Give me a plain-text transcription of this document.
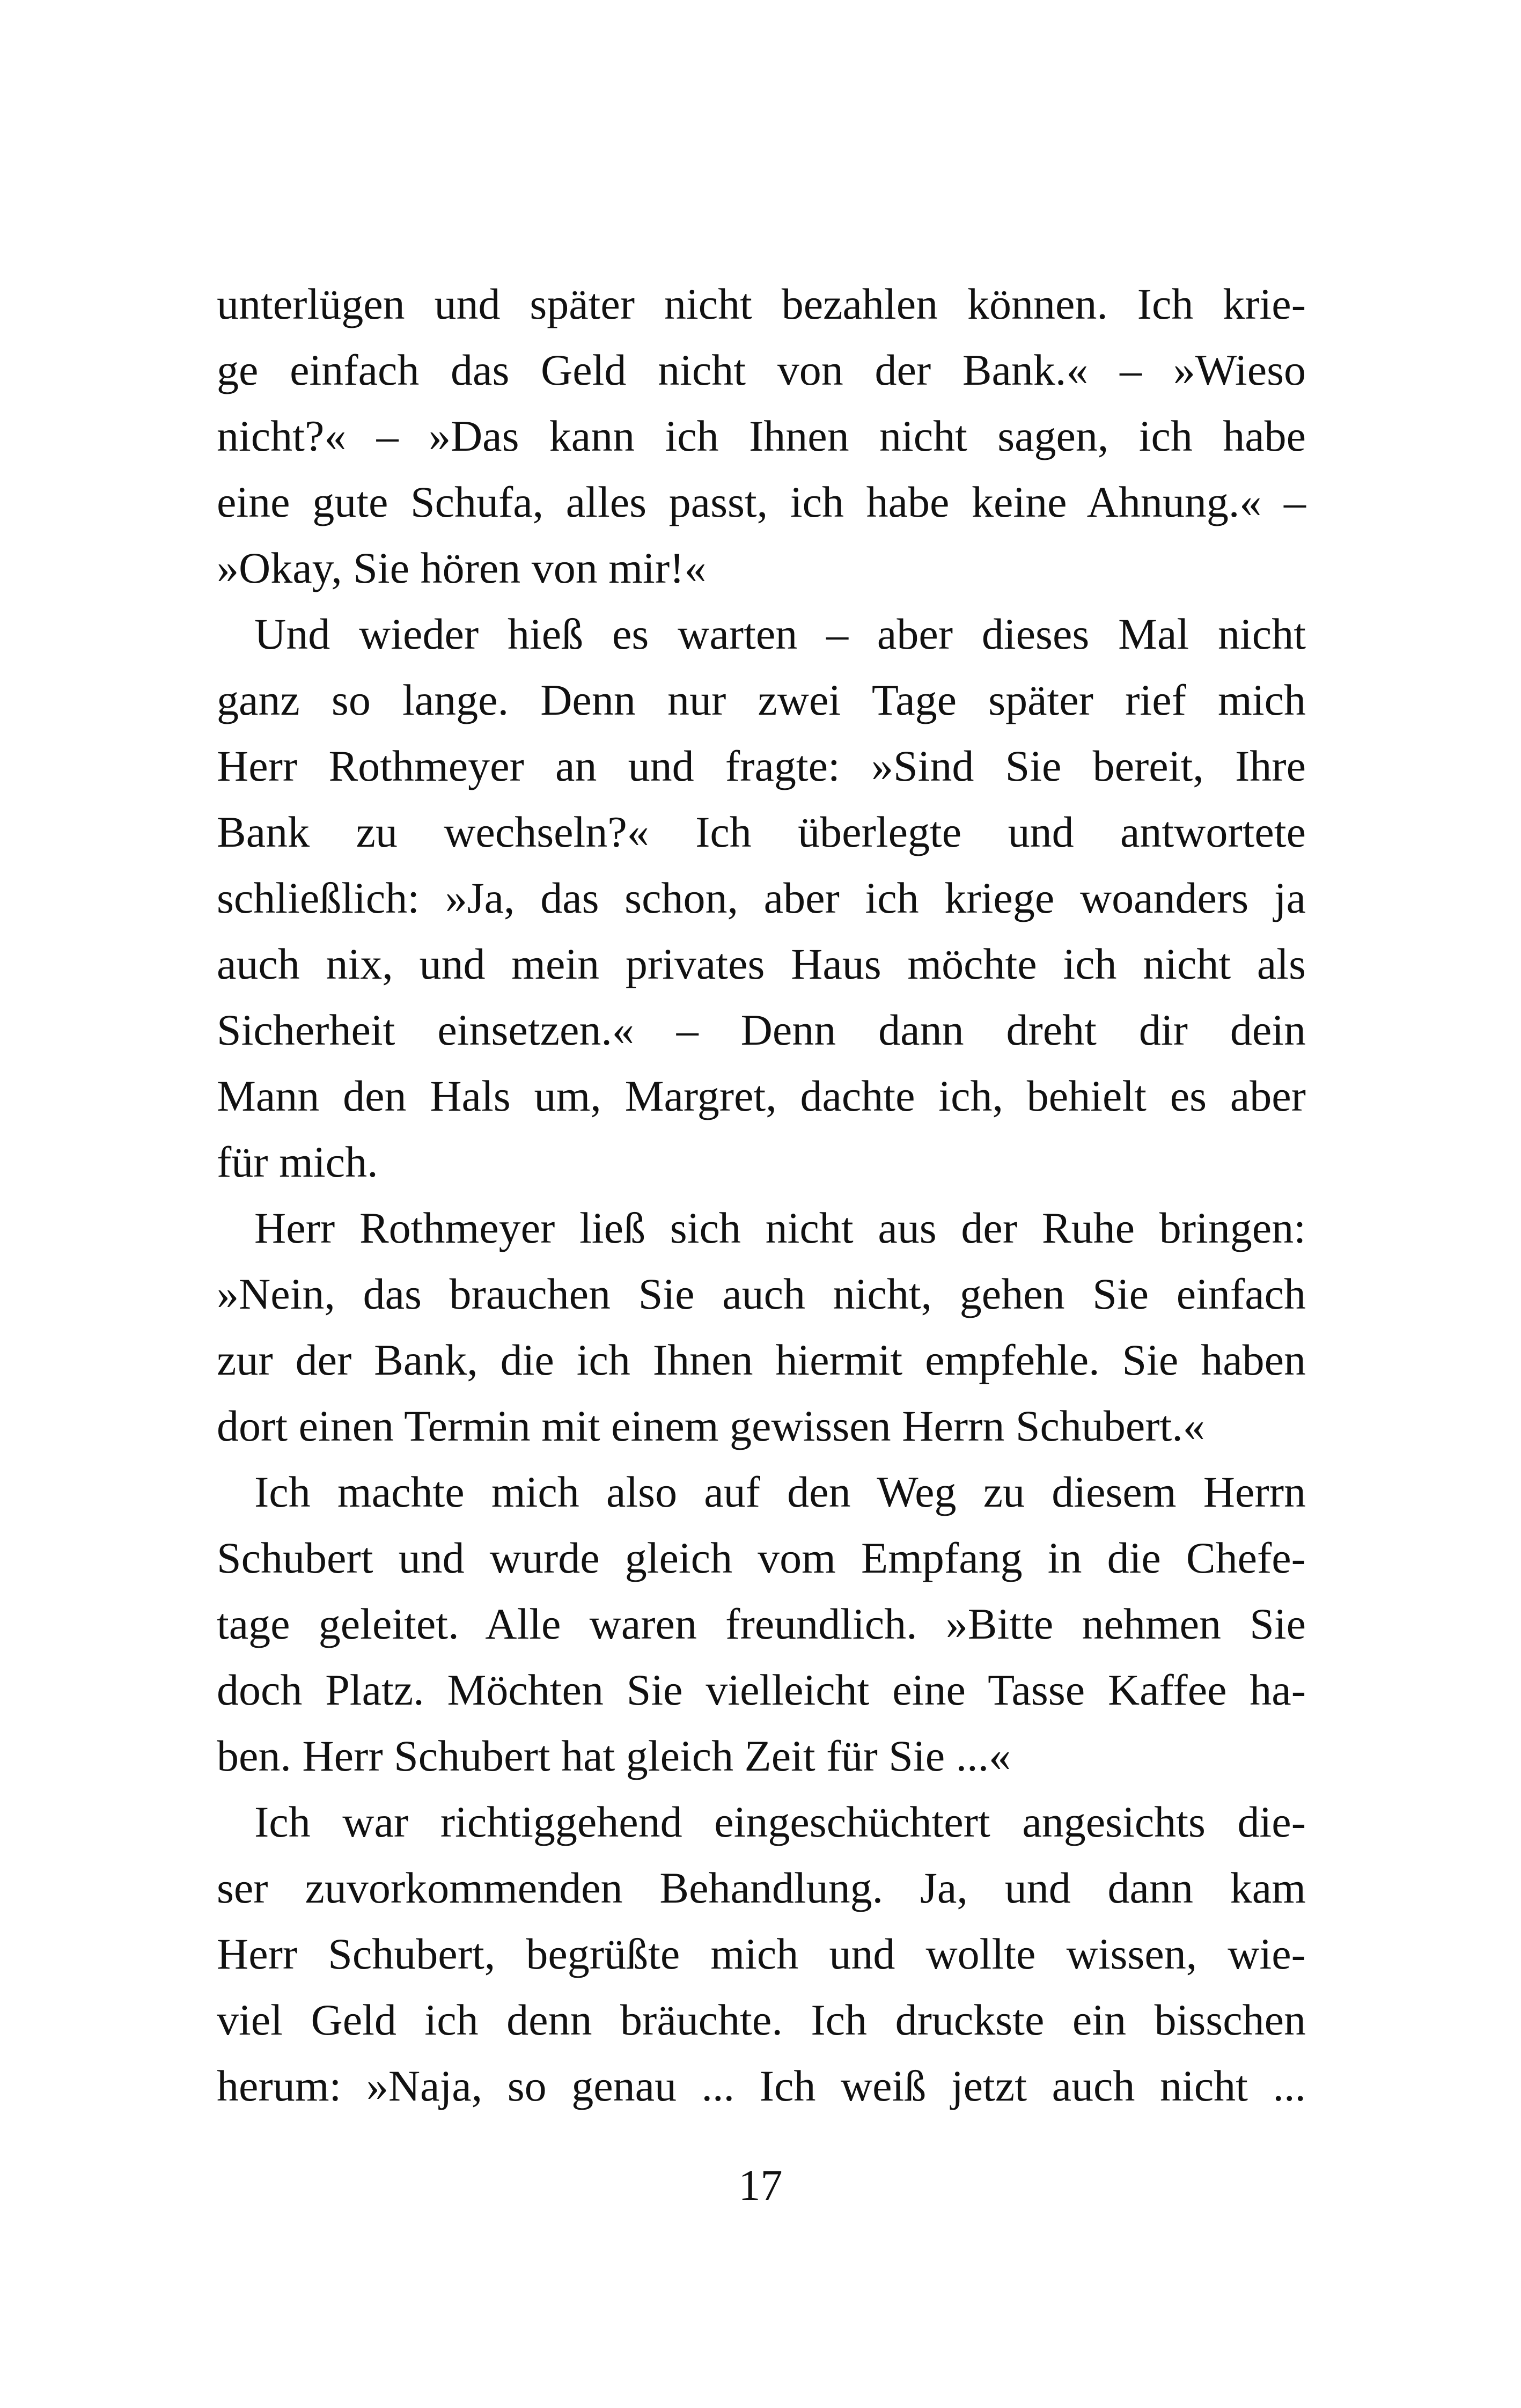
unterlügen und später nicht bezahlen können. Ich krie-
ge einfach das Geld nicht von der Bank.« – »Wieso
nicht?« – »Das kann ich Ihnen nicht sagen, ich habe
eine gute Schufa, alles passt, ich habe keine Ahnung.« –
»Okay, Sie hören von mir!«
Und wieder hieß es warten – aber dieses Mal nicht
ganz so lange. Denn nur zwei Tage später rief mich
Herr Rothmeyer an und fragte: »Sind Sie bereit, Ihre
Bank zu wechseln?« Ich überlegte und antwortete
schließlich: »Ja, das schon, aber ich kriege woanders ja
auch nix, und mein privates Haus möchte ich nicht als
Sicherheit einsetzen.« – Denn dann dreht dir dein
Mann den Hals um, Margret, dachte ich, behielt es aber
für mich.
Herr Rothmeyer ließ sich nicht aus der Ruhe bringen:
»Nein, das brauchen Sie auch nicht, gehen Sie einfach
zur der Bank, die ich Ihnen hiermit empfehle. Sie haben
dort einen Termin mit einem gewissen Herrn Schubert.«
Ich machte mich also auf den Weg zu diesem Herrn
Schubert und wurde gleich vom Empfang in die Chefe-
tage geleitet. Alle waren freundlich. »Bitte nehmen Sie
doch Platz. Möchten Sie vielleicht eine Tasse Kaffee ha-
ben. Herr Schubert hat gleich Zeit für Sie ...«
Ich war richtiggehend eingeschüchtert angesichts die-
ser zuvorkommenden Behandlung. Ja, und dann kam
Herr Schubert, begrüßte mich und wollte wissen, wie-
viel Geld ich denn bräuchte. Ich druckste ein bisschen
herum: »Naja, so genau ... Ich weiß jetzt auch nicht ...
17
